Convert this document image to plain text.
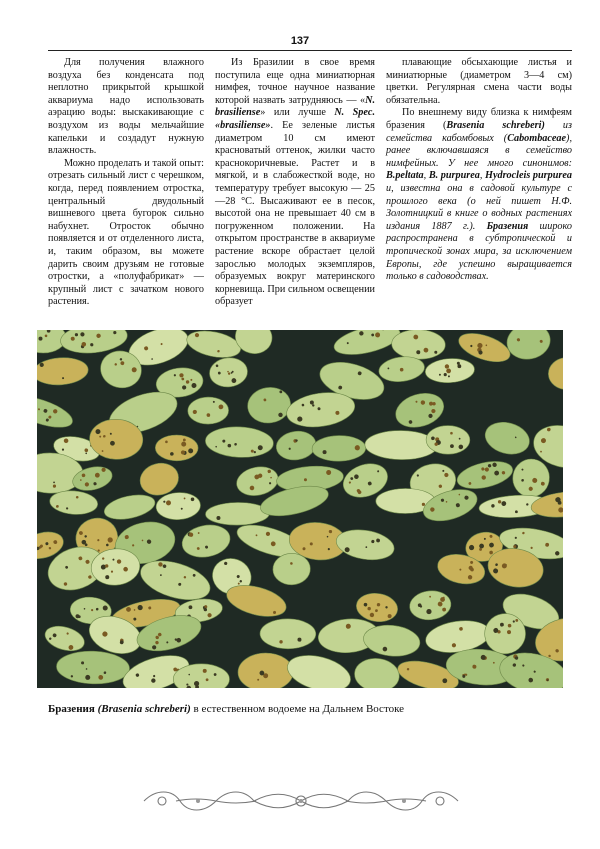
137

Для получения влажного воздуха без конденсата под неплотно прикрытой крышкой аквариума надо использовать аэрацию воды: выскакивающие с воздухом из воды мельчайшие капельки и создадут нужную влажность.

Можно проделать и такой опыт: отрезать сильный лист с черешком, когда, перед появлением отростка, центральный двудольный вишневого цвета бугорок сильно набухнет. Отросток обычно появляется и от отделенного листа, и, таким образом, вы можете дарить своим друзьям не готовые отростки, а «полуфабрикат» — крупный лист с зачатком нового растения.

Из Бразилии в свое время поступила еще одна миниатюрная нимфея, точное научное название которой назвать затрудняюсь — «N. brasiliense» или лучше N. Spec. «brasiliense». Ее зеленые листья диаметром 10 см имеют красноватый оттенок, жилки часто краснокоричневые. Растет и в мягкой, и в слабожесткой воде, но температуру требует высокую — 25—28 °С. Высаживают ее в песок, высотой она не превышает 40 см в погруженном положении. На открытом пространстве в аквариуме растение вскоре обрастает целой зарослью молодых экземпляров, образуемых вокруг материнского корневища. При сильном освещении образует

плавающие обсыхающие листья и миниатюрные (диаметром 3—4 см) цветки. Регулярная смена части воды обязательна.

По внешнему виду близка к нимфеям бразения (Brasenia schreberi) из семейства кабомбовых (Cabombaceae), ранее включавшаяся в семейство нимфейных. У нее много синонимов: B.peltata, B. purpurea, Hydrocleis purpurea и, известна она в садовой культуре с прошлого века (о ней пишет Н.Ф. Золотницкий в книге о водных растениях издания 1887 г.). Бразения широко распространена в субтропической и тропической зонах мира, за исключением Европы, где успешно выращивается только в садоводствах.

Бразения (Brasenia schreberi) в естественном водоеме на Дальнем Востоке
